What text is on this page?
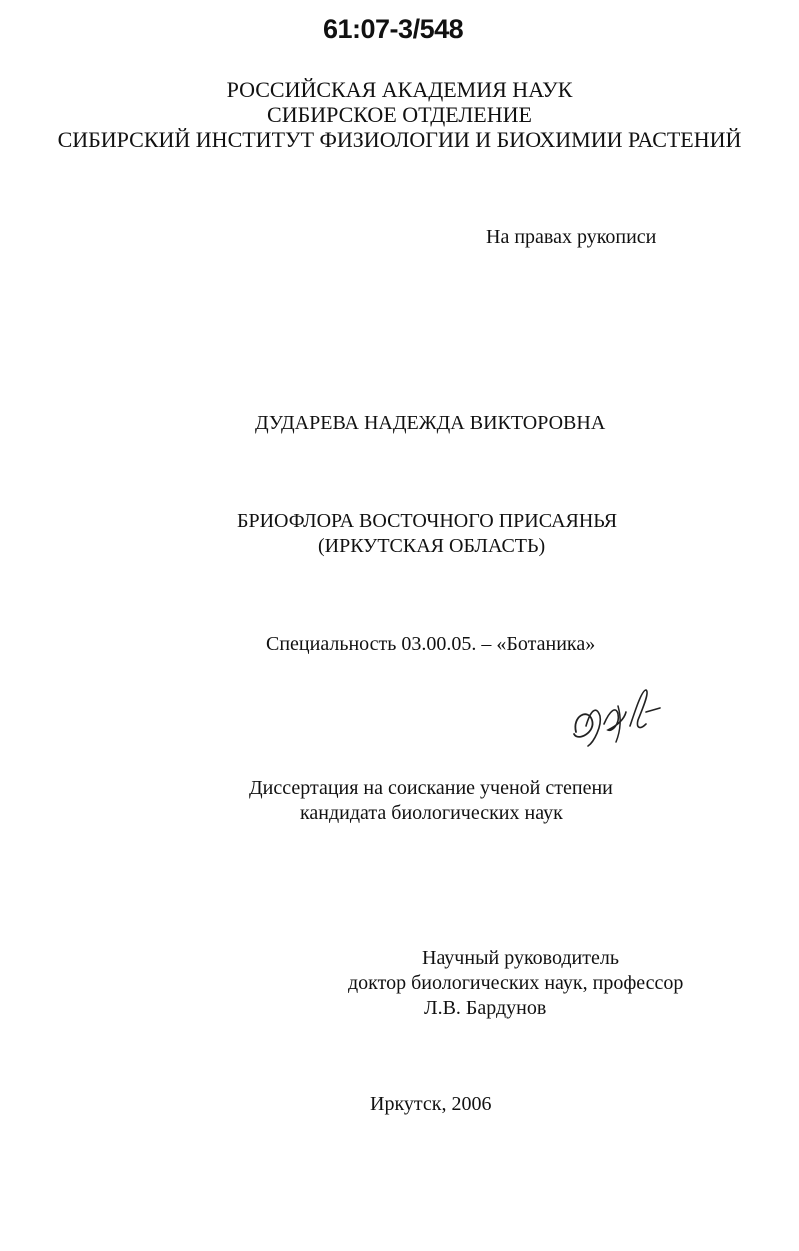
61:07-3/548
РОССИЙСКАЯ АКАДЕМИЯ НАУК
СИБИРСКОЕ ОТДЕЛЕНИЕ
СИБИРСКИЙ ИНСТИТУТ ФИЗИОЛОГИИ И БИОХИМИИ РАСТЕНИЙ
На правах рукописи
ДУДАРЕВА НАДЕЖДА ВИКТОРОВНА
БРИОФЛОРА ВОСТОЧНОГО ПРИСАЯНЬЯ
(ИРКУТСКАЯ ОБЛАСТЬ)
Специальность 03.00.05. – «Ботаника»
Диссертация на соискание ученой степени
кандидата биологических наук
Научный руководитель
доктор биологических наук, профессор
Л.В. Бардунов
Иркутск, 2006
